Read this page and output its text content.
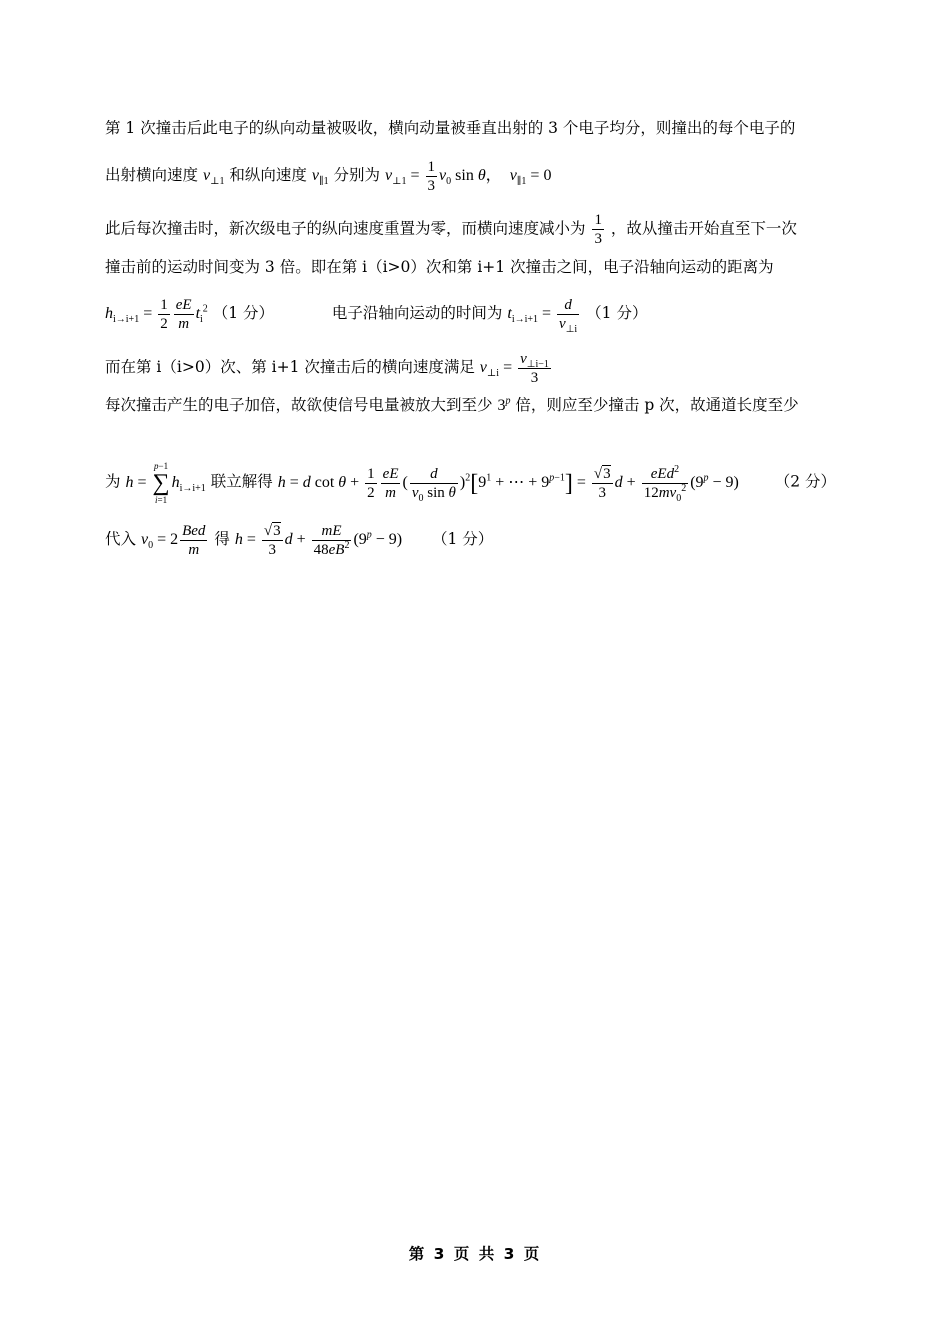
第 1 次撞击后此电子的纵向动量被吸收，横向动量被垂直出射的 3 个电子均分，则撞出的每个电子的
出射横向速度 $v_{\perp 1}$ 和纵向速度 $v_{\parallel 1}$ 分别为 $v_{\perp 1} = \frac{1}{3} v_0$ sin θ，  $v_{\parallel 1} = 0$
此后每次撞击时，新次级电子的纵向速度重置为零，而横向速度减小为 $\frac{1}{3}$ ，故从撞击开始直至下一次
撞击前的运动时间变为 3 倍。即在第 i（i>0）次和第 i+1 次撞击之间，电子沿轴向运动的距离为
$h_{i\to i+1} = \frac{1}{2} \frac{eE}{m} t_i^2$ （1 分）	电子沿轴向运动的时间为 $t_{i\to i+1} = \frac{d}{v_{\perp i}} (1$ 分）
而在第 i（i>0）次、第 i+1 次撞击后的横向速度满足 $v_{\perp i} = \frac{v_{\perp i-1}}{3}$
每次撞击产生的电子加倍，故欲使信号电量被放大到至少 3$^p$ 倍，则应至少撞击 p 次，故通道长度至少
为 h =
p−1
∑
i=1
$h_{i\to i+1}$ 联立解得 h = d $\cot \theta + \frac{1}{2} \frac{eE}{m}$ ( $\frac{d}{v_0 \sin \theta} )^2[9^1$ + ⋯ + $9^{p-1}] = \frac{√3}{3}$ $d + \frac{eEd^2}{12mv_0^2} (9^p - 9)$ （2 分）
代入 $v_0 = 2 \frac{\text{Bed}}{m}$ 得 $h = \frac{√3}{3}$ $d + \frac{mE}{48eB^2} (9^p - 9)$ （1 分）
第 3 页 共 3 页
